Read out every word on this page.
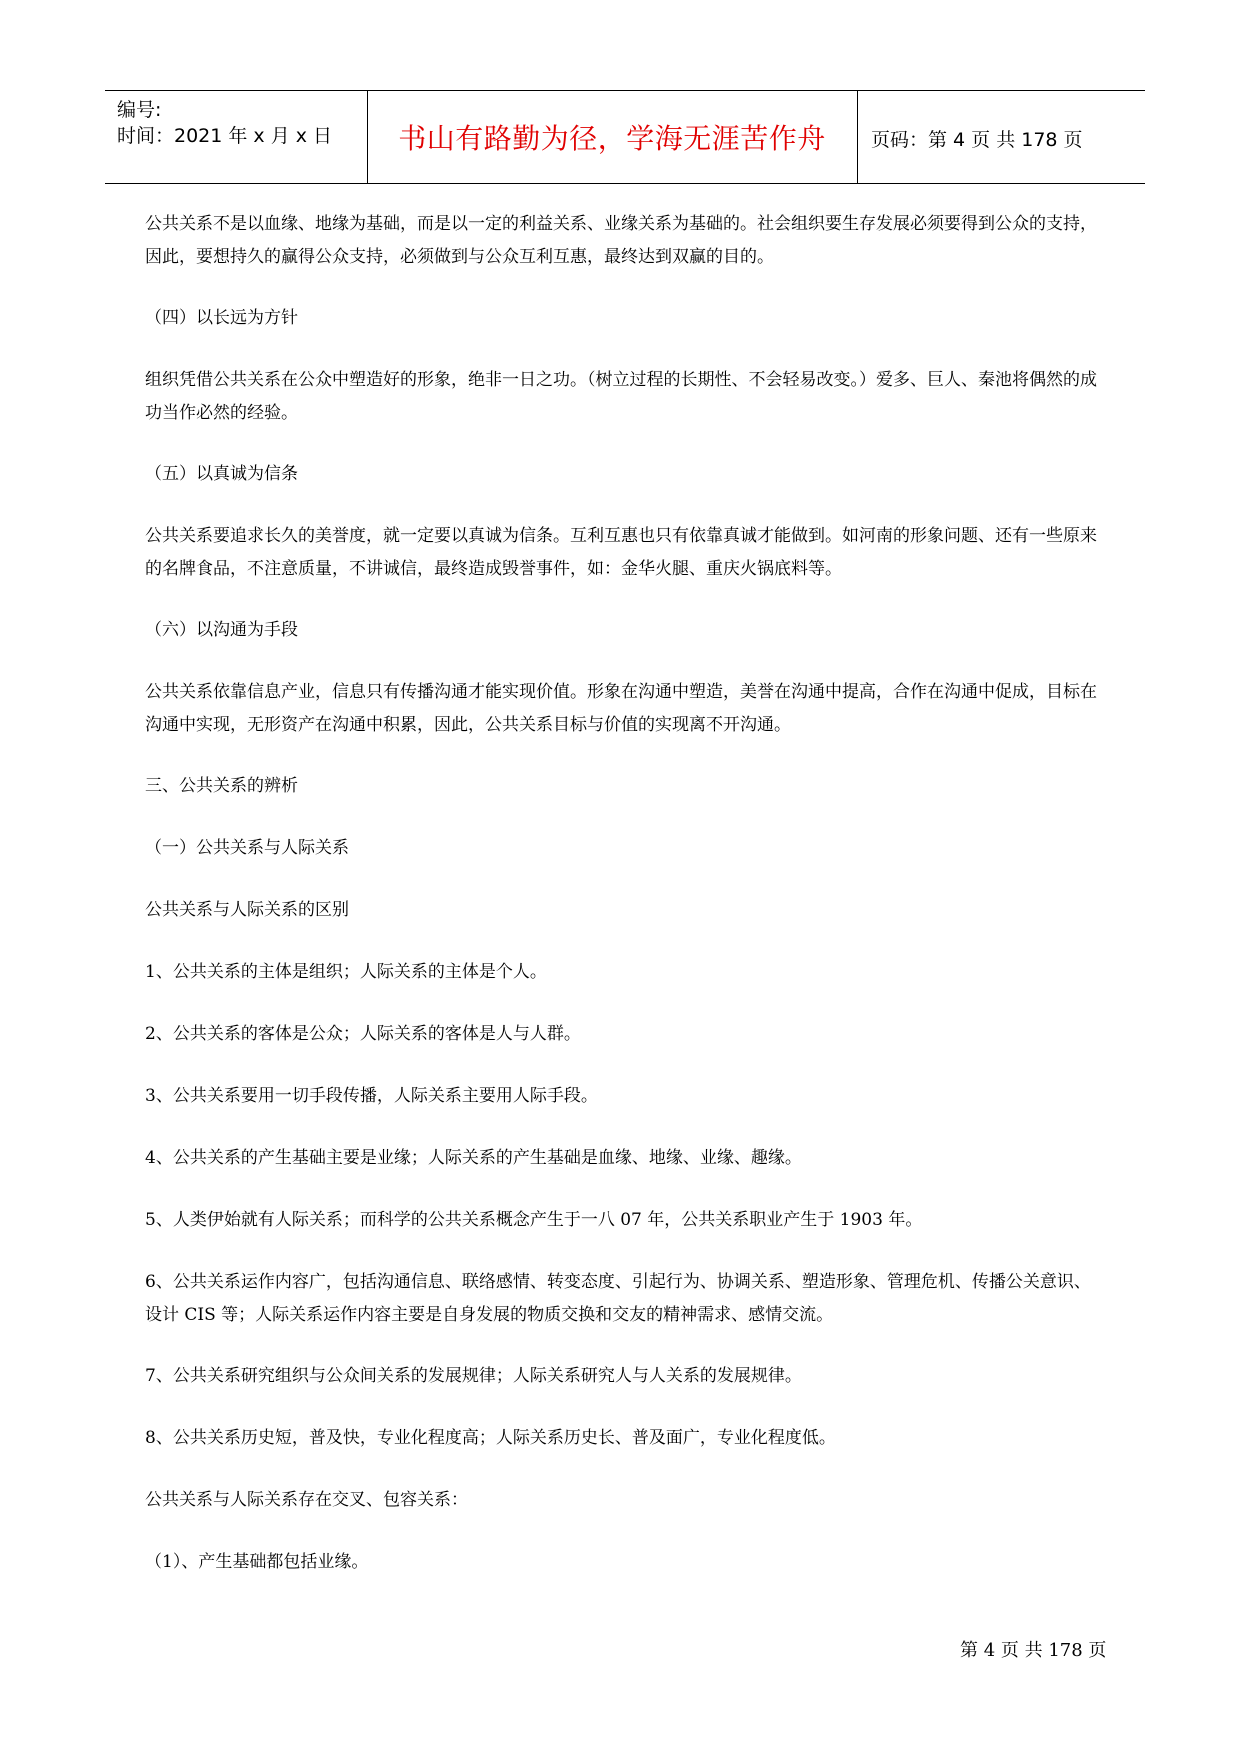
编号:
时间：2021 年 x 月 x 日	书山有路勤为径，学海无涯苦作舟	页码：第 4 页 共 178 页
公共关系不是以血缘、地缘为基础，而是以一定的利益关系、业缘关系为基础的。社会组织要生存发展必须要得到公众的支持，因此，要想持久的赢得公众支持，必须做到与公众互利互惠，最终达到双赢的目的。
（四）以长远为方针
组织凭借公共关系在公众中塑造好的形象，绝非一日之功。（树立过程的长期性、不会轻易改变。）爱多、巨人、秦池将偶然的成功当作必然的经验。
（五）以真诚为信条
公共关系要追求长久的美誉度，就一定要以真诚为信条。互利互惠也只有依靠真诚才能做到。如河南的形象问题、还有一些原来的名牌食品，不注意质量，不讲诚信，最终造成毁誉事件，如：金华火腿、重庆火锅底料等。
（六）以沟通为手段
公共关系依靠信息产业，信息只有传播沟通才能实现价值。形象在沟通中塑造，美誉在沟通中提高，合作在沟通中促成，目标在沟通中实现，无形资产在沟通中积累，因此，公共关系目标与价值的实现离不开沟通。
三、公共关系的辨析
（一）公共关系与人际关系
公共关系与人际关系的区别
1、公共关系的主体是组织；人际关系的主体是个人。
2、公共关系的客体是公众；人际关系的客体是人与人群。
3、公共关系要用一切手段传播，人际关系主要用人际手段。
4、公共关系的产生基础主要是业缘；人际关系的产生基础是血缘、地缘、业缘、趣缘。
5、人类伊始就有人际关系；而科学的公共关系概念产生于一八 07 年，公共关系职业产生于 1903 年。
6、公共关系运作内容广，包括沟通信息、联络感情、转变态度、引起行为、协调关系、塑造形象、管理危机、传播公关意识、设计 CIS 等；人际关系运作内容主要是自身发展的物质交换和交友的精神需求、感情交流。
7、公共关系研究组织与公众间关系的发展规律；人际关系研究人与人关系的发展规律。
8、公共关系历史短，普及快，专业化程度高；人际关系历史长、普及面广，专业化程度低。
公共关系与人际关系存在交叉、包容关系：
（1）、产生基础都包括业缘。
第 4 页 共 178 页
